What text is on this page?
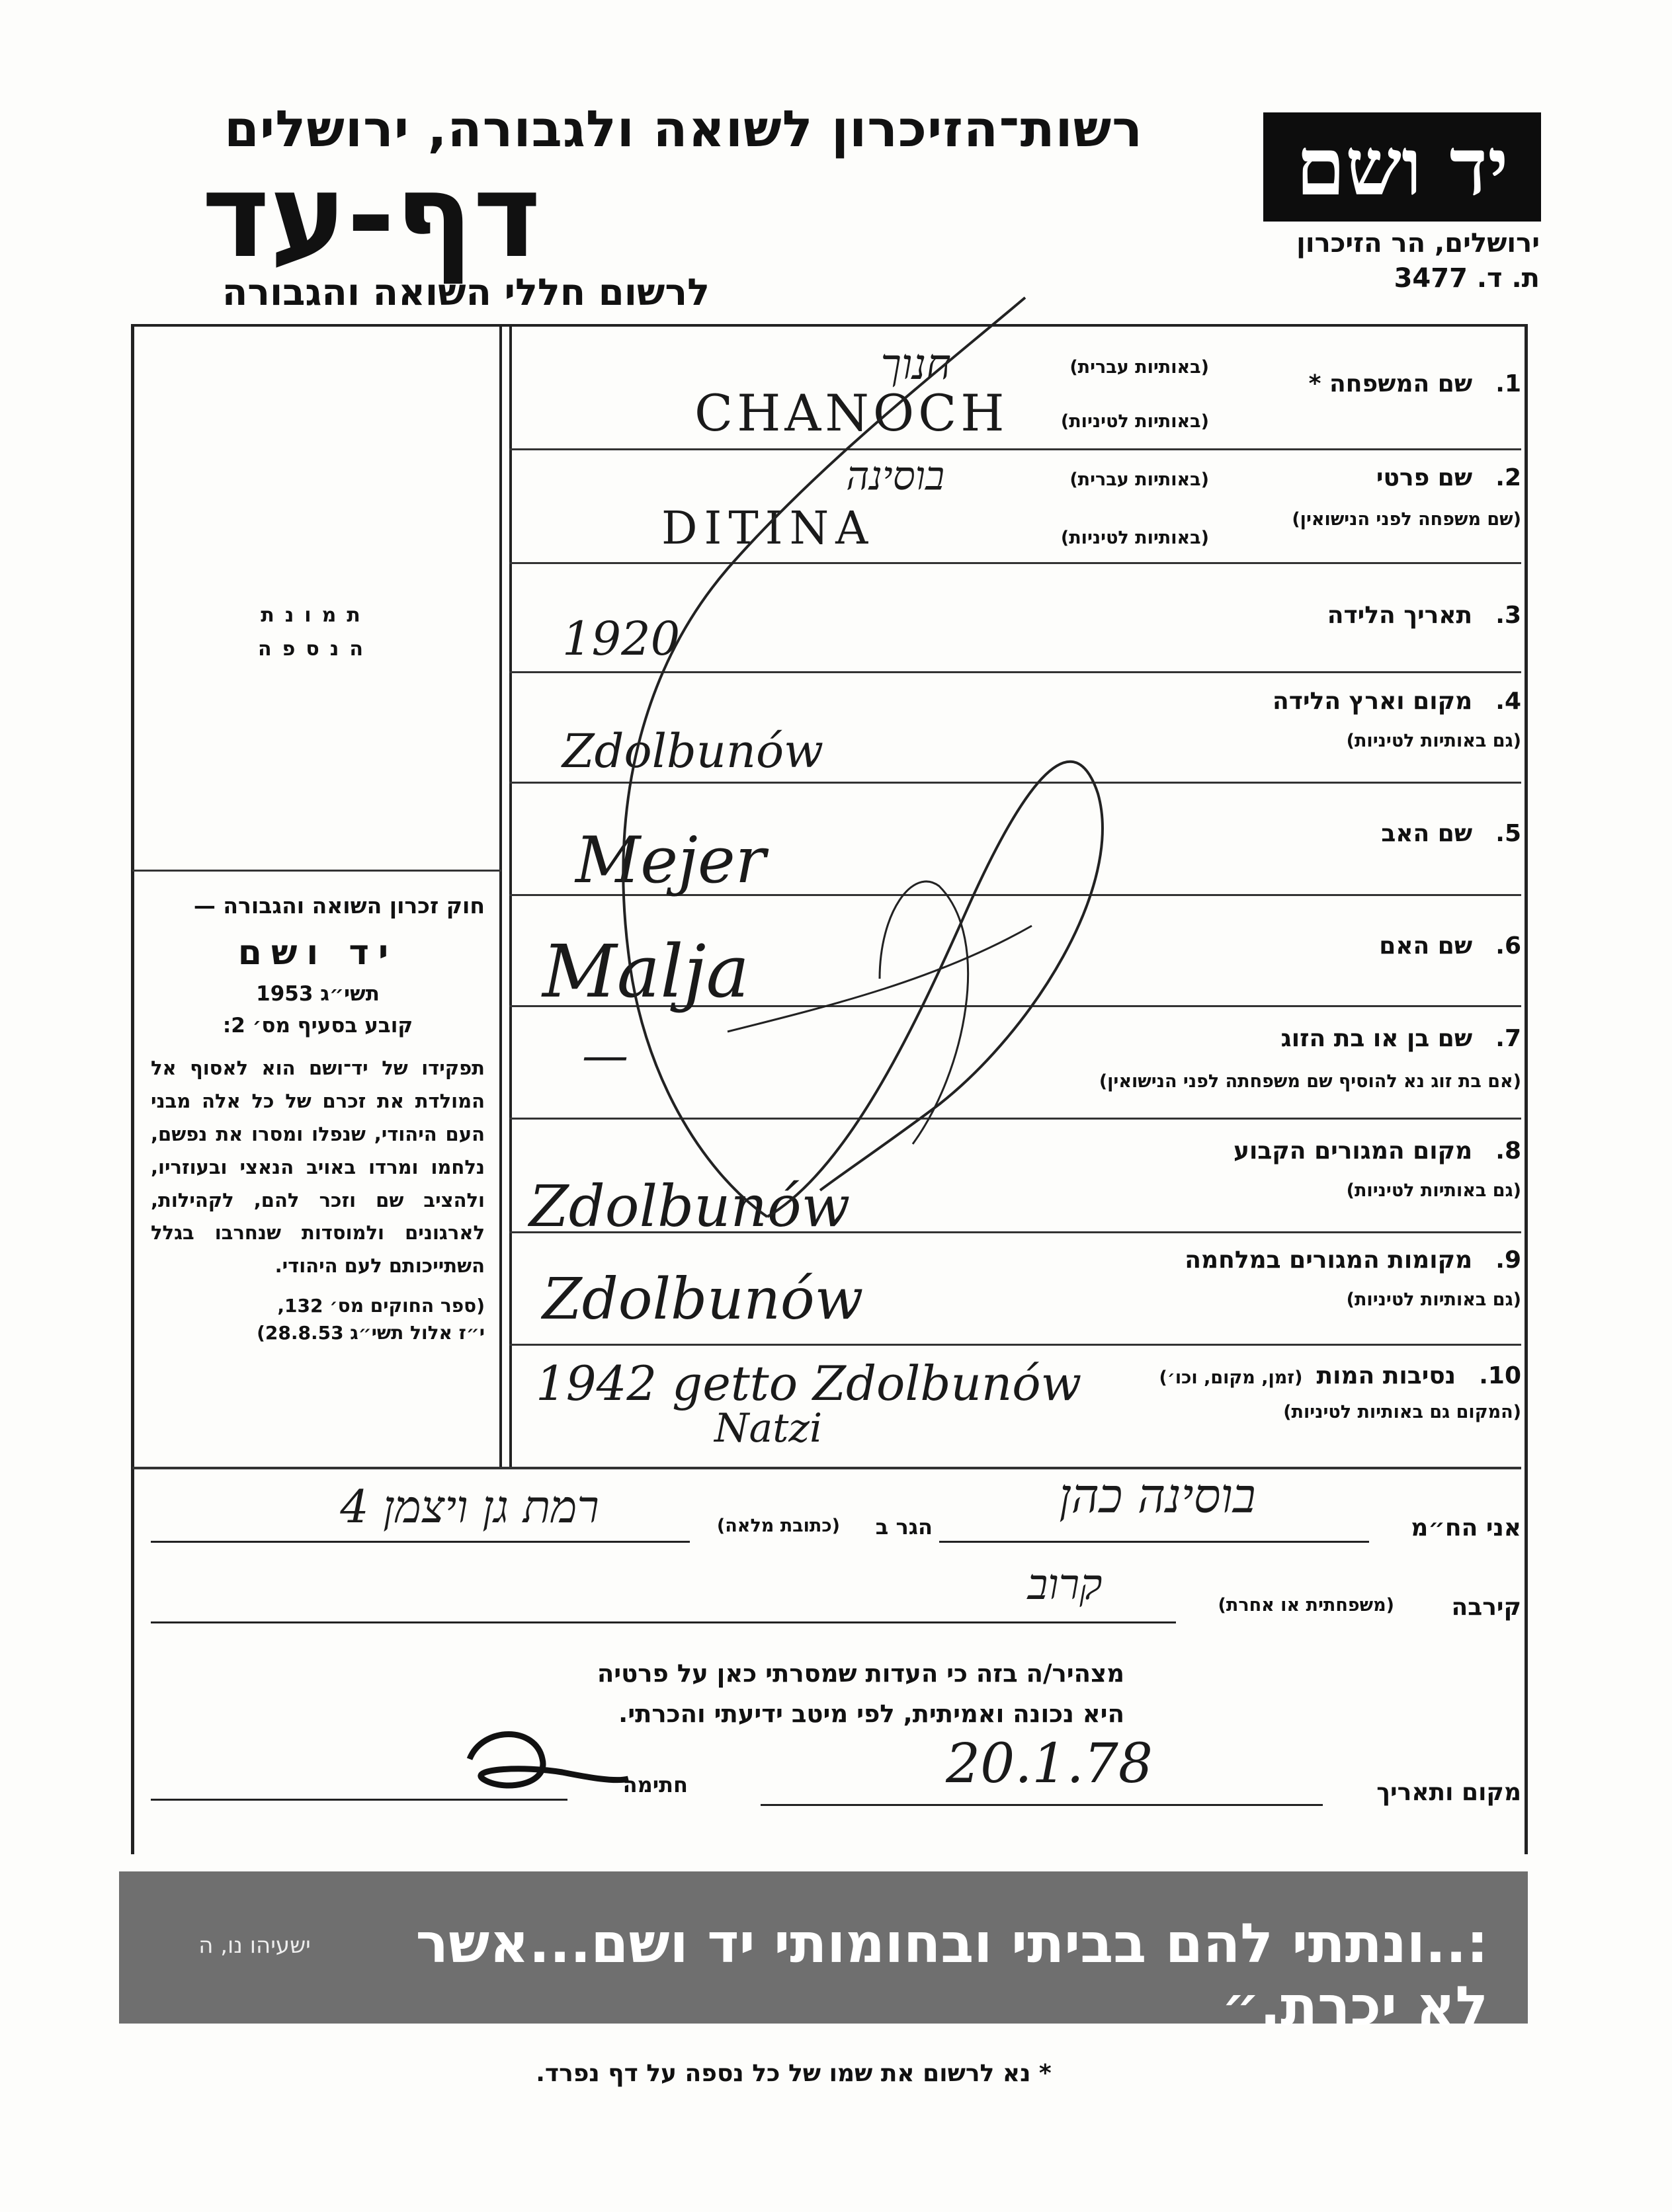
רשות־הזיכרון לשואה ולגבורה, ירושלים
דף-עד
לרשום חללי השואה והגבורה
יד ושם
ירושלים, הר הזיכרון
ת. ד. 3477
1. שם המשפחה *
(באותיות עברית)
(באותיות לטיניות)
חנוך
CHANOCH
2. שם פרטי
(שם משפחה לפני הנישואין)
(באותיות עברית)
(באותיות לטיניות)
בוסינה
DITINA
3. תאריך הלידה
1920
4. מקום וארץ הלידה
(גם באותיות לטיניות)
Zdolbunów
5. שם האב
Mejer
6. שם האם
Malja
7. שם בן או בת הזוג
(אם בת זוג נא להוסיף שם משפחתה לפני הנישואין)
—
8. מקום המגורים הקבוע
(גם באותיות לטיניות)
Zdolbunów
9. מקומות המגורים במלחמה
(גם באותיות לטיניות)
Zdolbunów
10. נסיבות המות (זמן, מקום, וכו׳)
(המקום גם באותיות לטיניות)
1942 getto Zdolbunów
Natzi
תמונת
הנספה
חוק זכרון השואה והגבורה —
יד ושם
תשי״ג 1953
קובע בסעיף מס׳ 2:
תפקידו של יד־ושם הוא לאסוף אל המולדת את זכרם של כל אלה מבני העם היהודי, שנפלו ומסרו את נפשם, נלחמו ומרדו באויב הנאצי ובעוזריו, ולהציב שם וזכר להם, לקהילות, לארגונים ולמוסדות שנחרבו בגלל השתייכותם לעם היהודי.
(ספר החוקים מס׳ 132,
י״ז אלול תשי״ג 28.8.53)
אני הח״מ
בוסינה כהן
הגר ב
(כתובת מלאה)
רמת גן ויצמן 4
קירבה
(משפחתית או אחרת)
קרוב
מצהיר/ה בזה כי העדות שמסרתי כאן על פרטיה
היא נכונה ואמיתית, לפי מיטב ידיעתי והכרתי.
מקום ותאריך
20.1.78
חתימה
:..ונתתי להם בביתי ובחומותי יד ושם...אשר לא יכרת.״
ישעיהו נו, ה
* נא לרשום את שמו של כל נספה על דף נפרד.
